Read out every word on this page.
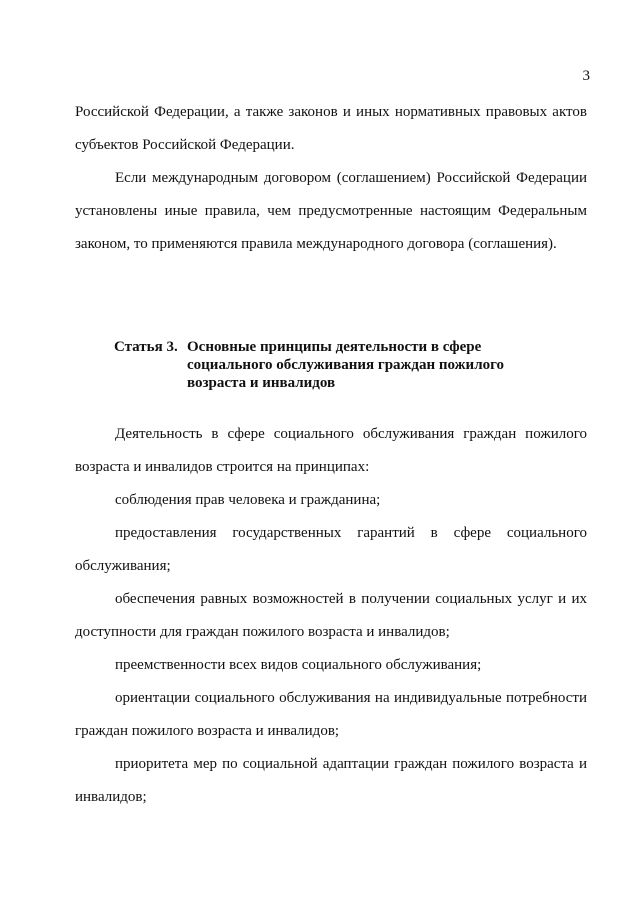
3

Российской Федерации, а также законов и иных нормативных правовых актов субъектов Российской Федерации.

Если международным договором (соглашением) Российской Федерации установлены иные правила, чем предусмотренные настоящим Федеральным законом, то применяются правила международного договора (соглашения).

Статья 3. Основные принципы деятельности в сфере социального обслуживания граждан пожилого возраста и инвалидов

Деятельность в сфере социального обслуживания граждан пожилого возраста и инвалидов строится на принципах:

соблюдения прав человека и гражданина;

предоставления государственных гарантий в сфере социального обслуживания;

обеспечения равных возможностей в получении социальных услуг и их доступности для граждан пожилого возраста и инвалидов;

преемственности всех видов социального обслуживания;

ориентации социального обслуживания на индивидуальные потребности граждан пожилого возраста и инвалидов;

приоритета мер по социальной адаптации граждан пожилого возраста и инвалидов;
